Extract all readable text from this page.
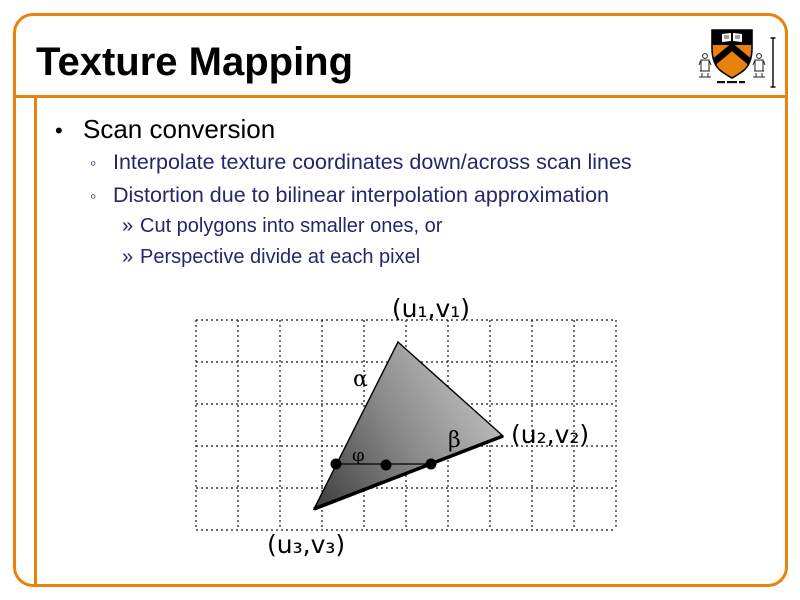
Texture Mapping
• Scan conversion
◦ Interpolate texture coordinates down/across scan lines
◦ Distortion due to bilinear interpolation approximation
» Cut polygons into smaller ones, or
» Perspective divide at each pixel
(u₁,v₁)
(u₂,v₂)
(u₃,v₃)
α
β
φ
